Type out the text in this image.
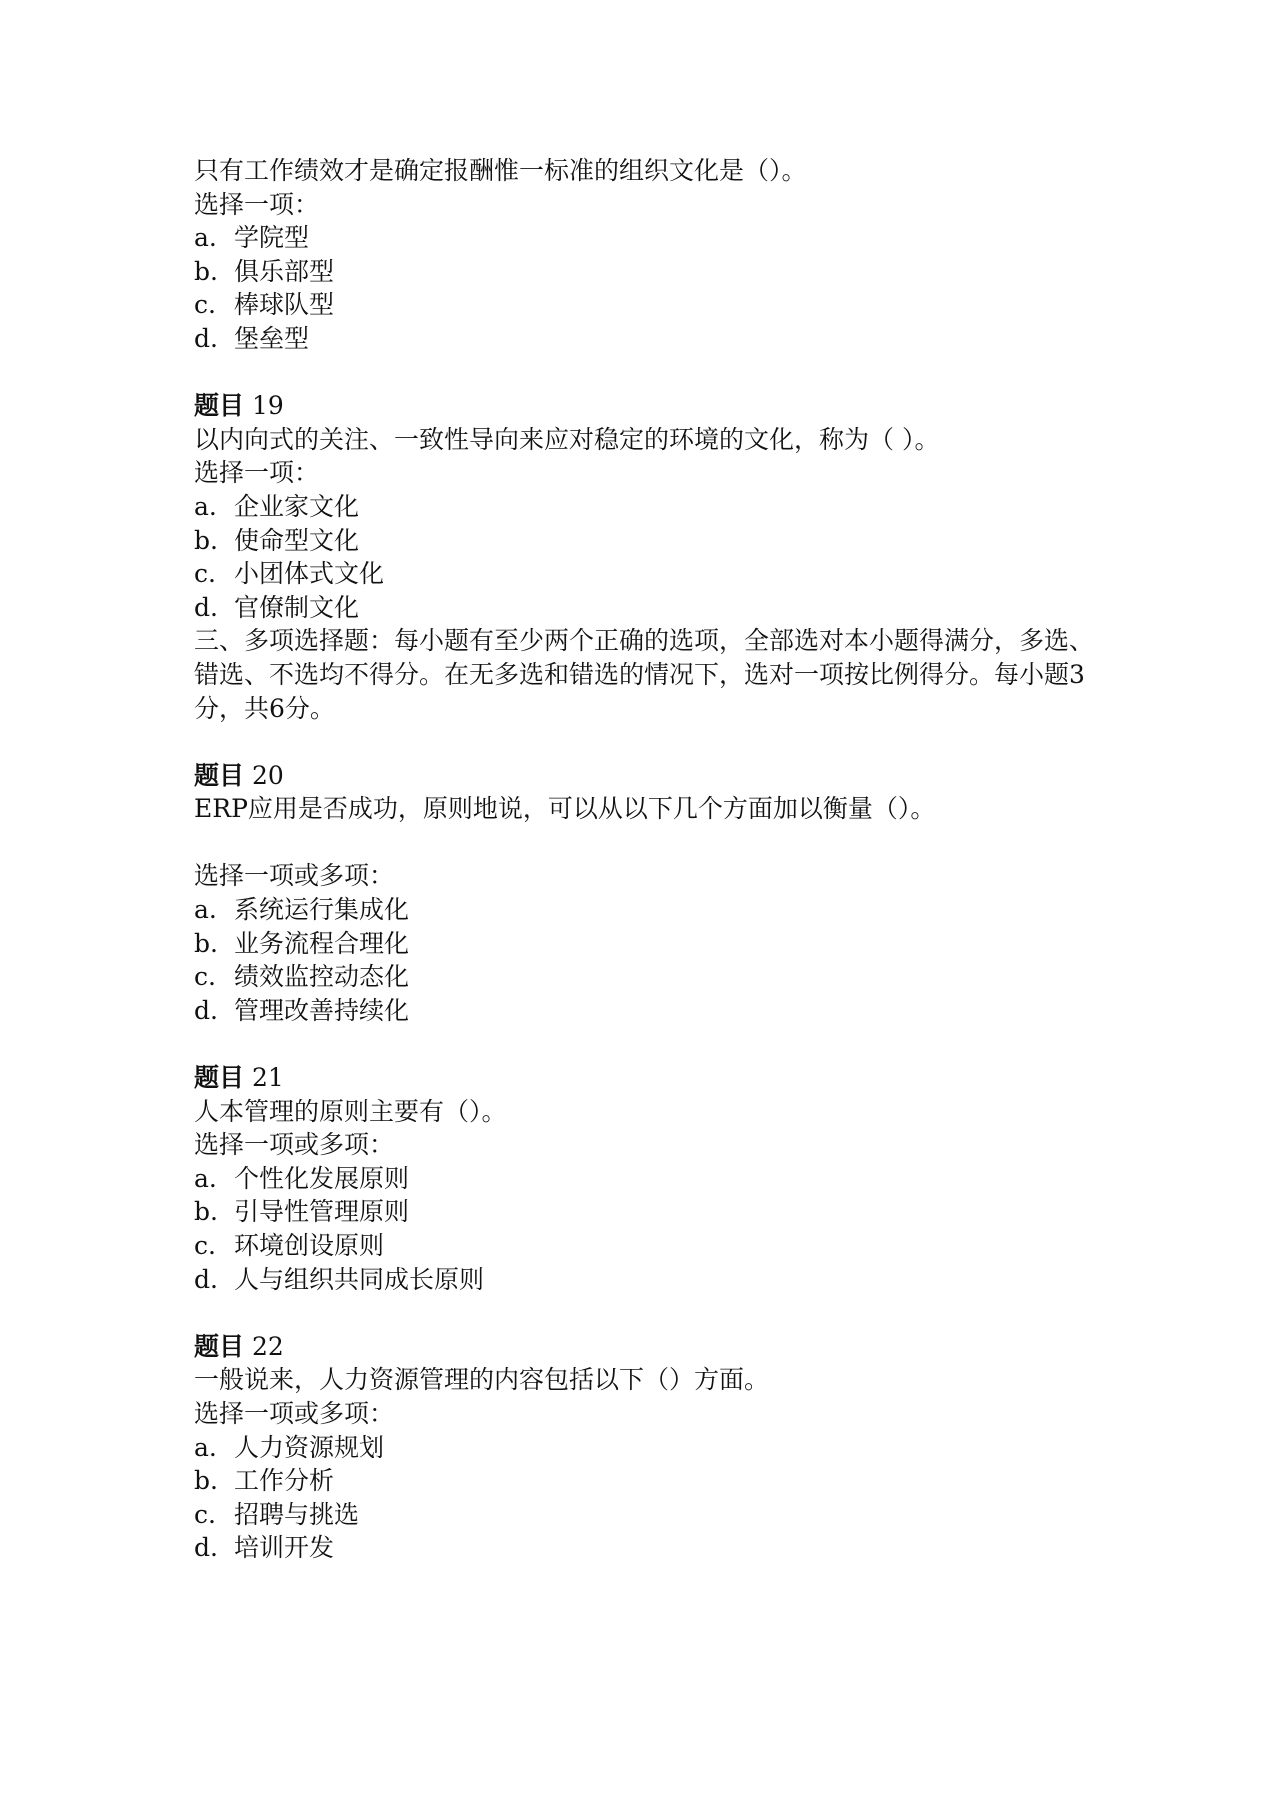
只有工作绩效才是确定报酬惟一标准的组织文化是（）。

选择一项：

a. 学院型

b. 俱乐部型

c. 棒球队型

d. 堡垒型

题目 19

以内向式的关注、一致性导向来应对稳定的环境的文化，称为（ ）。

选择一项：

a. 企业家文化

b. 使命型文化

c. 小团体式文化

d. 官僚制文化

三、多项选择题：每小题有至少两个正确的选项，全部选对本小题得满分，多选、错选、不选均不得分。在无多选和错选的情况下，选对一项按比例得分。每小题3分，共6分。

题目 20

ERP应用是否成功，原则地说，可以从以下几个方面加以衡量（）。

选择一项或多项：

a. 系统运行集成化

b. 业务流程合理化

c. 绩效监控动态化

d. 管理改善持续化

题目 21

人本管理的原则主要有（）。

选择一项或多项：

a. 个性化发展原则

b. 引导性管理原则

c. 环境创设原则

d. 人与组织共同成长原则

题目 22

一般说来，人力资源管理的内容包括以下（）方面。

选择一项或多项：

a. 人力资源规划

b. 工作分析

c. 招聘与挑选

d. 培训开发
